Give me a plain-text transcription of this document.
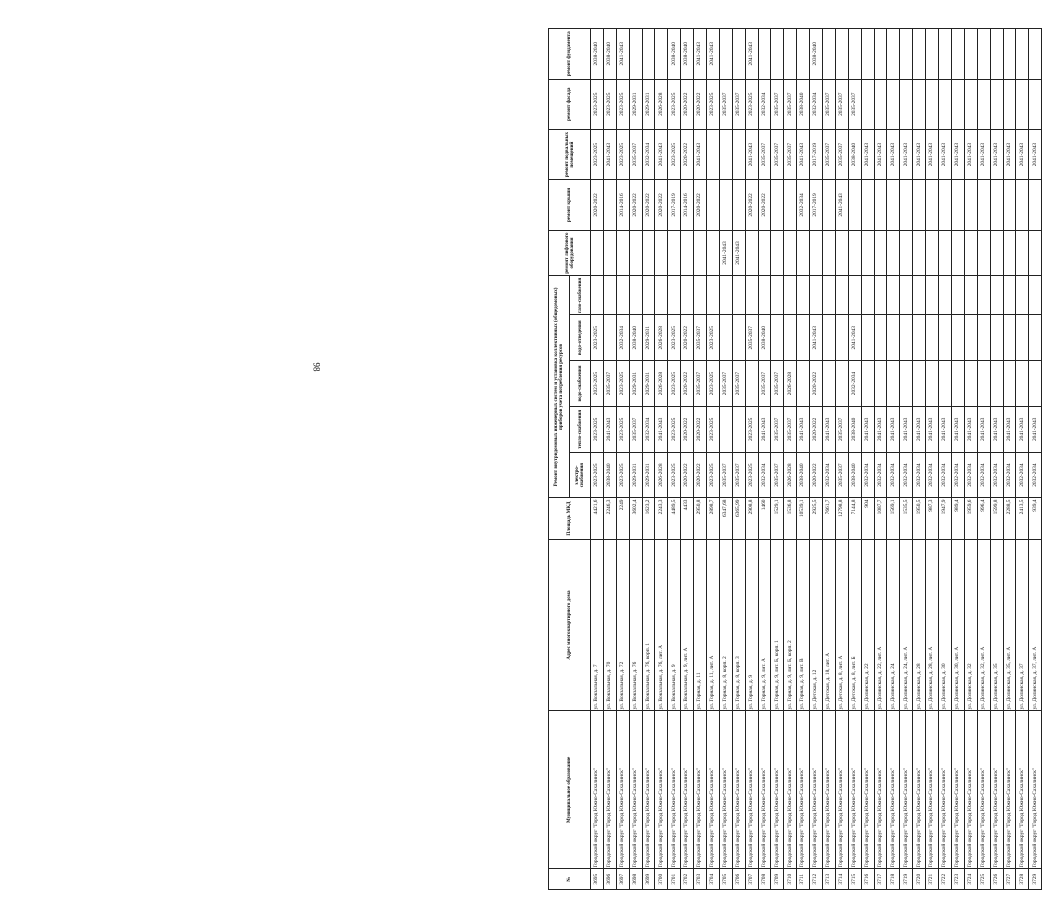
98
№	Муниципальное образование	Адрес многоквартирного дома	Площадь МКД	Ремонт внутридомовых инженерных систем и установка коллективных (общедомовых) приборов учета потребления ресурсов					ремонт лифтового оборудования	ремонт крыши	ремонт подвальных помещений	ремонт фасада	ремонт фундамента
				электро-снабжения	тепло-снабжения	водо-снабжения	водо-отведения	газо-снабжения					
3695	Городской округ "Город Южно-Сахалинск"	ул. Вокзальная, д. 7	4421,6	2023-2025	2023-2025	2023-2025	2023-2025			2020-2022	2023-2025	2023-2025	2038-2040
3696	Городской округ "Город Южно-Сахалинск"	ул. Вокзальная, д. 70	2246,3	2038-2040	2041-2043	2035-2037					2041-2043	2023-2025	2038-2040
3697	Городской округ "Город Южно-Сахалинск"	ул. Вокзальная, д. 72	2249	2023-2025	2023-2025	2023-2025	2032-2034			2014-2016	2023-2025	2023-2025	2041-2043
3698	Городской округ "Город Южно-Сахалинск"	ул. Вокзальная, д. 76	3602,4	2029-2031	2035-2037	2029-2031	2038-2040			2020-2022	2035-2037	2029-2031	
3699	Городской округ "Город Южно-Сахалинск"	ул. Вокзальная, д. 76, корп. 1	1623,2	2029-2031	2032-2034	2029-2031	2029-2031			2020-2022	2032-2034	2029-2031	
3700	Городской округ "Город Южно-Сахалинск"	ул. Вокзальная, д. 76, лит. А	2243,3	2026-2028	2041-2043	2026-2028	2026-2028			2020-2022	2041-2043	2026-2028	
3701	Городской округ "Город Южно-Сахалинск"	ул. Вокзальная, д. 9	4489,5	2023-2025	2023-2025	2023-2025	2023-2025			2017-2019	2023-2025	2023-2025	2038-2040
3702	Городской округ "Город Южно-Сахалинск"	ул. Вокзальная, д. 9, лит. А	4433	2020-2022	2020-2022	2020-2022	2020-2022			2014-2016	2020-2022	2020-2022	2038-2040
3703	Городской округ "Город Южно-Сахалинск"	ул. Горная, д. 11	2950,8	2020-2022	2020-2022	2035-2037	2035-2037			2020-2022	2041-2043	2020-2022	2041-2043
3704	Городской округ "Город Южно-Сахалинск"	ул. Горная, д. 11, лит. А	2898,7	2023-2025	2023-2025	2023-2025	2023-2025					2023-2025	2041-2043
3705	Городской округ "Город Южно-Сахалинск"	ул. Горная, д. 8, корп. 2	6347,68	2035-2037		2035-2037			2041-2043			2035-2037	
3706	Городской округ "Город Южно-Сахалинск"	ул. Горная, д. 8, корп. 3	6365,99	2035-2037		2035-2037			2041-2043			2035-2037	
3707	Городской округ "Город Южно-Сахалинск"	ул. Горная, д. 9	2908,8	2023-2025	2023-2025		2035-2037			2020-2022	2041-2043	2023-2025	2041-2043
3708	Городской округ "Город Южно-Сахалинск"	ул. Горная, д. 9, лит. А	1460	2032-2034	2041-2043	2035-2037	2038-2040			2020-2022	2035-2037	2032-2034	
3709	Городской округ "Город Южно-Сахалинск"	ул. Горная, д. 9, лит. Б, корп. 1	1529,1	2035-2037	2035-2037	2035-2037					2035-2037	2035-2037	
3710	Городской округ "Город Южно-Сахалинск"	ул. Горная, д. 9, лит. Б, корп. 2	1536,8	2026-2028	2035-2037	2026-2028					2035-2037	2035-2037	
3711	Городской округ "Город Южно-Сахалинск"	ул. Горная, д. 9, лит. В	10539,1	2038-2040	2041-2043					2032-2034	2041-2043	2038-2040	
3712	Городской округ "Город Южно-Сахалинск"	ул. Детская, д. 12	2925,5	2020-2022	2020-2022	2020-2022	2041-2043			2017-2019	2017-2019	2032-2034	2038-2040
3713	Городской округ "Город Южно-Сахалинск"	ул. Детская, д. 18, лит. А	7661,7	2032-2034	2041-2043						2035-2037	2035-2037	
3714	Городской округ "Город Южно-Сахалинск"	ул. Детская, д. 8, лит. А	12798,8	2035-2037	2035-2037					2041-2043	2035-2037	2035-2037	
3715	Городской округ "Город Южно-Сахалинск"	ул. Детская, д. 8, лит. Б	7144,8	2038-2040	2038-2040	2032-2034	2041-2043				2038-2040	2035-2037	
3716	Городской округ "Город Южно-Сахалинск"	ул. Долинская, д. 22	904	2032-2034	2041-2043						2041-2043		
3717	Городской округ "Город Южно-Сахалинск"	ул. Долинская, д. 22, лит. А	1087,7	2032-2034	2041-2043						2041-2043		
3718	Городской округ "Город Южно-Сахалинск"	ул. Долинская, д. 24	1569,1	2032-2034	2041-2043						2041-2043		
3719	Городской округ "Город Южно-Сахалинск"	ул. Долинская, д. 24, лит. А	1535,5	2032-2034	2041-2043						2041-2043		
3720	Городской округ "Город Южно-Сахалинск"	ул. Долинская, д. 28	1950,5	2032-2034	2041-2043						2041-2043		
3721	Городской округ "Город Южно-Сахалинск"	ул. Долинская, д. 28, лит. А	987,3	2032-2034	2041-2043						2041-2043		
3722	Городской округ "Город Южно-Сахалинск"	ул. Долинская, д. 30	1947,9	2032-2034	2041-2043						2041-2043		
3723	Городской округ "Город Южно-Сахалинск"	ул. Долинская, д. 30, лит. А	989,4	2032-2034	2041-2043						2041-2043		
3724	Городской округ "Город Южно-Сахалинск"	ул. Долинская, д. 32	1959,6	2032-2034	2041-2043						2041-2043		
3725	Городской округ "Город Южно-Сахалинск"	ул. Долинская, д. 32, лит. А	996,4	2032-2034	2041-2043						2041-2043		
3726	Городской округ "Город Южно-Сахалинск"	ул. Долинская, д. 35	1599,8	2032-2034	2041-2043						2041-2043		
3727	Городской округ "Город Южно-Сахалинск"	ул. Долинская, д. 35, лит. А	2288,5	2032-2034	2041-2043						2041-2043		
3728	Городской округ "Город Южно-Сахалинск"	ул. Долинская, д. 37	2413,5	2032-2034	2041-2043						2041-2043		
3729	Городской округ "Город Южно-Сахалинск"	ул. Долинская, д. 37, лит. А	939,4	2032-2034	2041-2043						2041-2043		
